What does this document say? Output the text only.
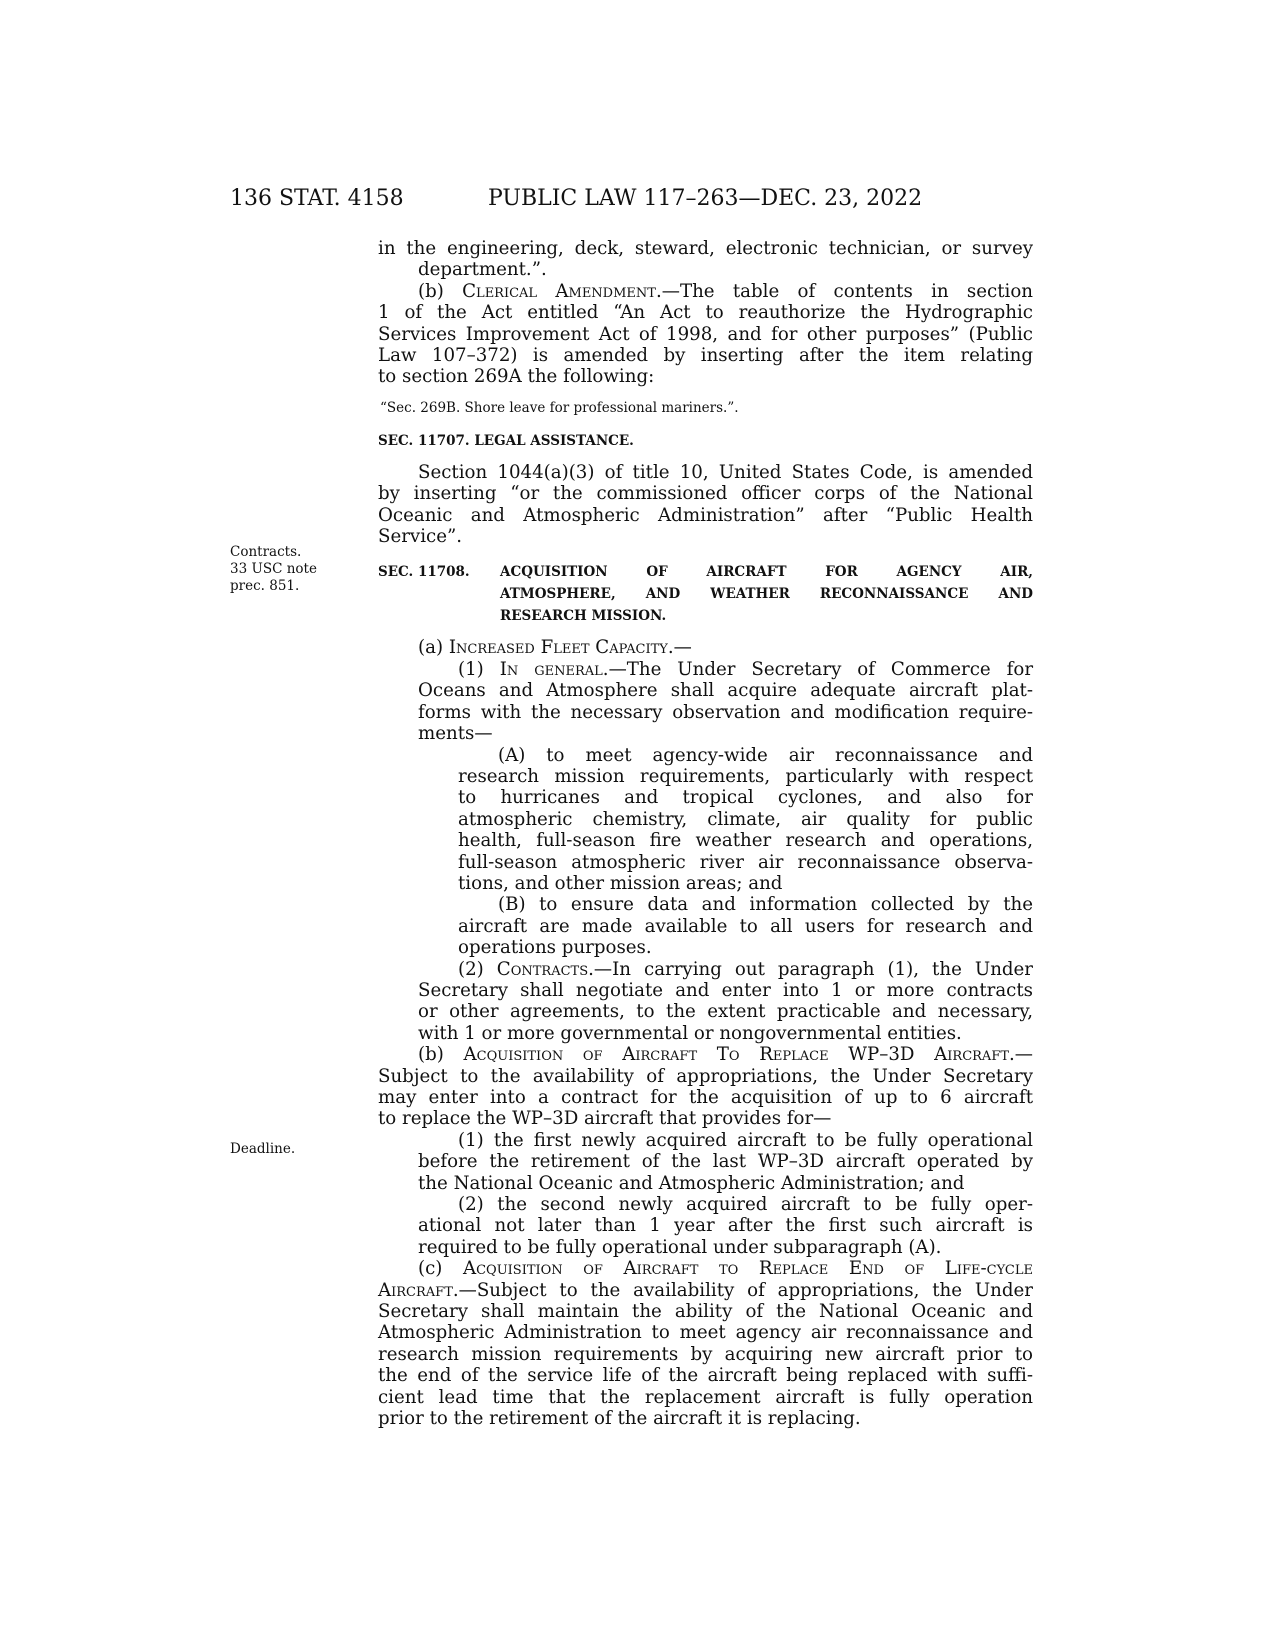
136 STAT. 4158	PUBLIC LAW 117–263—DEC. 23, 2022
Contracts.
33 USC note
prec. 851.
Deadline.
in the engineering, deck, steward, electronic technician, or survey
department.”.
(b) Clerical Amendment.—The table of contents in section
1 of the Act entitled “An Act to reauthorize the Hydrographic
Services Improvement Act of 1998, and for other purposes” (Public
Law 107–372) is amended by inserting after the item relating
to section 269A the following:
“Sec. 269B. Shore leave for professional mariners.”.
SEC. 11707. LEGAL ASSISTANCE.
Section 1044(a)(3) of title 10, United States Code, is amended
by inserting “or the commissioned officer corps of the National
Oceanic and Atmospheric Administration” after “Public Health
Service”.
SEC. 11708.	ACQUISITION OF AIRCRAFT FOR AGENCY AIR,
ATMOSPHERE, AND WEATHER RECONNAISSANCE AND
RESEARCH MISSION.
(a) Increased Fleet Capacity.—
(1) In general.—The Under Secretary of Commerce for
Oceans and Atmosphere shall acquire adequate aircraft plat-
forms with the necessary observation and modification require-
ments—
(A) to meet agency-wide air reconnaissance and
research mission requirements, particularly with respect
to hurricanes and tropical cyclones, and also for
atmospheric chemistry, climate, air quality for public
health, full-season fire weather research and operations,
full-season atmospheric river air reconnaissance observa-
tions, and other mission areas; and
(B) to ensure data and information collected by the
aircraft are made available to all users for research and
operations purposes.
(2) Contracts.—In carrying out paragraph (1), the Under
Secretary shall negotiate and enter into 1 or more contracts
or other agreements, to the extent practicable and necessary,
with 1 or more governmental or nongovernmental entities.
(b) Acquisition of Aircraft To Replace WP–3D Aircraft.—
Subject to the availability of appropriations, the Under Secretary
may enter into a contract for the acquisition of up to 6 aircraft
to replace the WP–3D aircraft that provides for—
(1) the first newly acquired aircraft to be fully operational
before the retirement of the last WP–3D aircraft operated by
the National Oceanic and Atmospheric Administration; and
(2) the second newly acquired aircraft to be fully oper-
ational not later than 1 year after the first such aircraft is
required to be fully operational under subparagraph (A).
(c) Acquisition of Aircraft to Replace End of Life-cycle
Aircraft.—Subject to the availability of appropriations, the Under
Secretary shall maintain the ability of the National Oceanic and
Atmospheric Administration to meet agency air reconnaissance and
research mission requirements by acquiring new aircraft prior to
the end of the service life of the aircraft being replaced with suffi-
cient lead time that the replacement aircraft is fully operation
prior to the retirement of the aircraft it is replacing.
